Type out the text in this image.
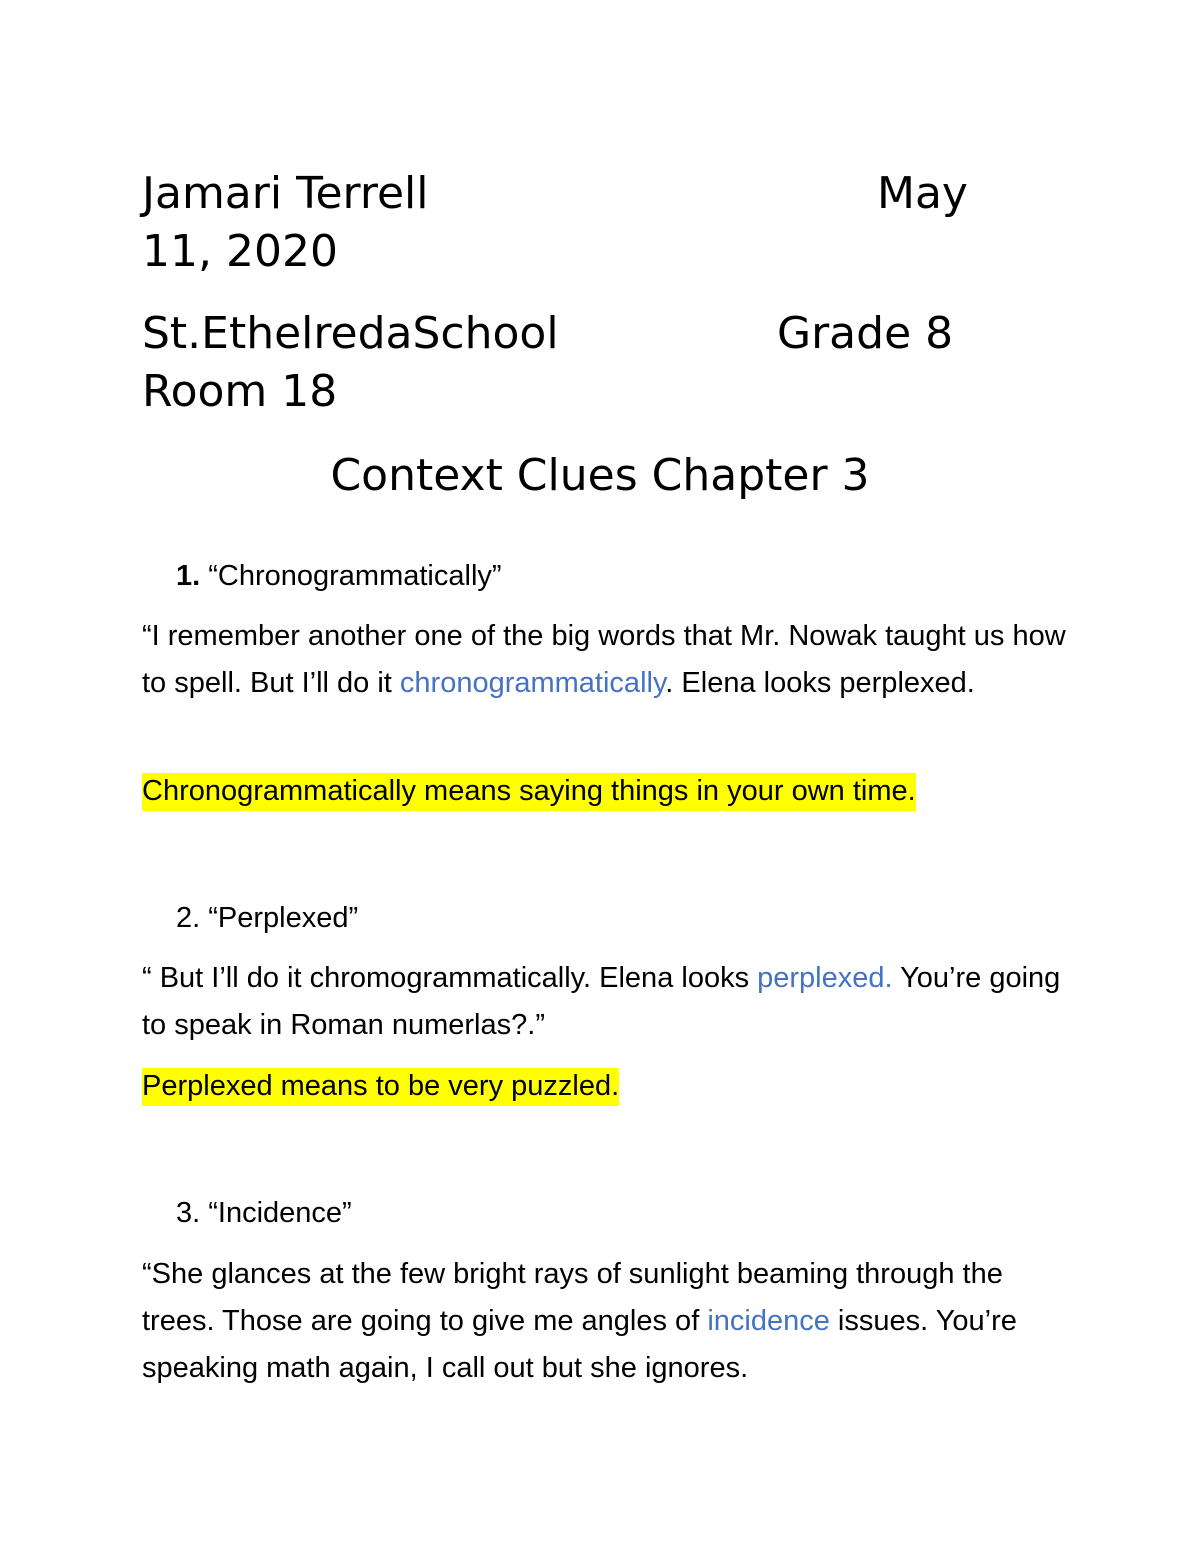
Jamari Terrell	May

11, 2020

St.EthelredaSchool	Grade 8

Room 18

Context Clues Chapter 3

1. “Chronogrammatically”

“I remember another one of the big words that Mr. Nowak taught us how to spell. But I’ll do it chronogrammatically. Elena looks perplexed.

Chronogrammatically means saying things in your own time.

2. “Perplexed”

“ But I’ll do it chromogrammatically. Elena looks perplexed. You’re going to speak in Roman numerlas?.”

Perplexed means to be very puzzled.

3. “Incidence”

“She glances at the few bright rays of sunlight beaming through the trees. Those are going to give me angles of incidence issues. You’re speaking math again, I call out but she ignores.
